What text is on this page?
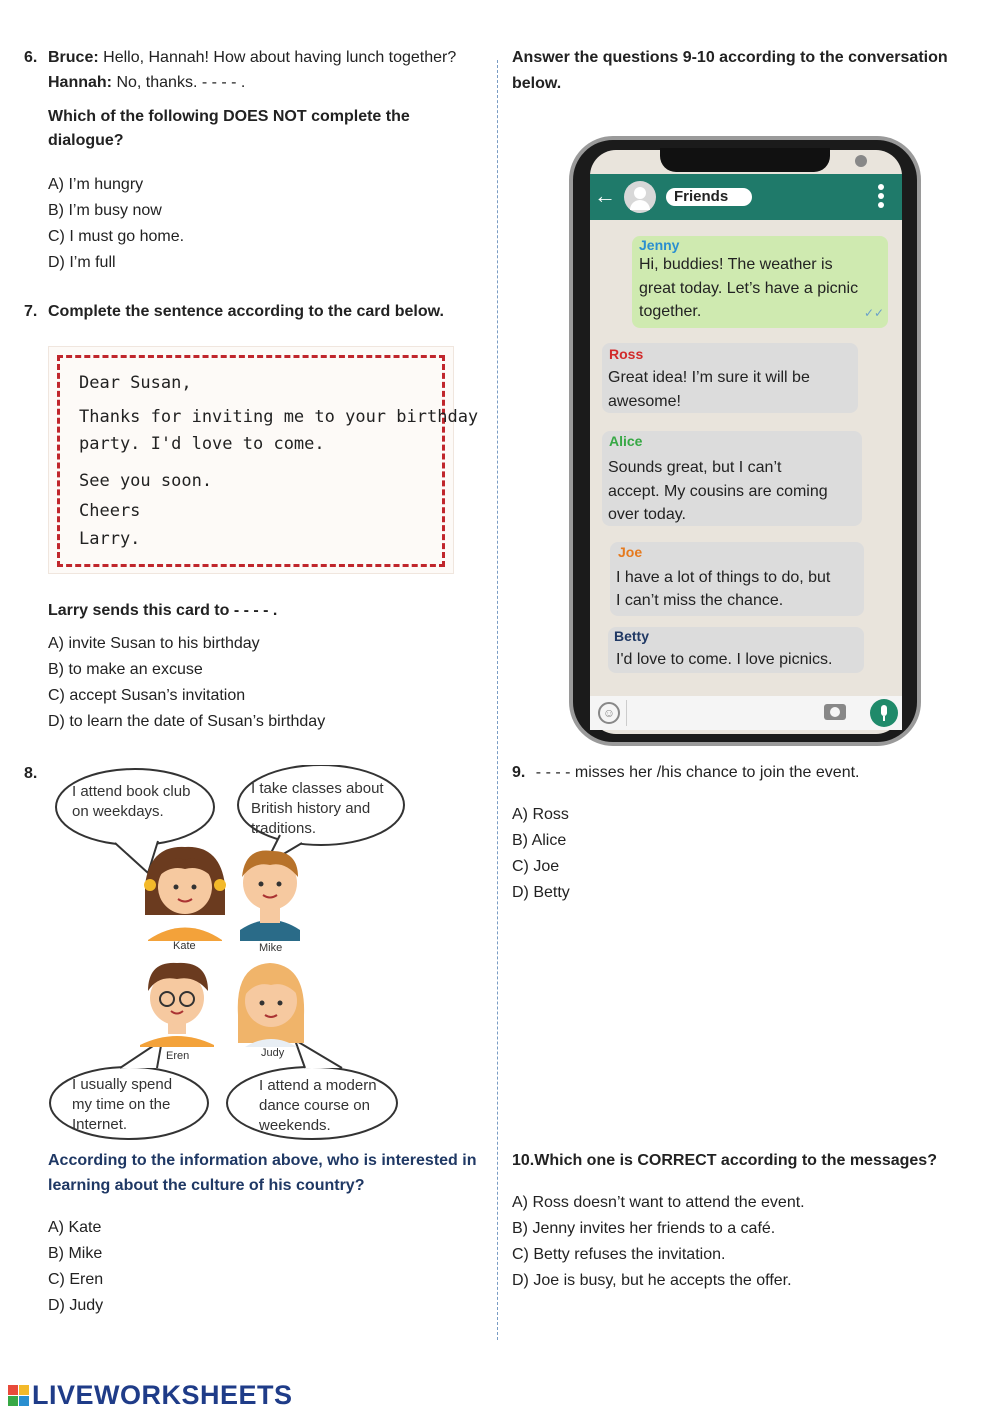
6. Bruce: Hello, Hannah! How about having lunch together?
Hannah: No, thanks. - - - - .
Which of the following DOES NOT complete the
dialogue?
A) I’m hungry
B) I’m busy now
C) I must go home.
D) I’m full
7. Complete the sentence according to the card below.
Dear Susan,
Thanks for inviting me to your birthday
party. I'd love to come.
See you soon.
Cheers
Larry.
Larry sends this card to - - - - .
A) invite Susan to his birthday
B) to make an excuse
C) accept Susan’s invitation
D) to learn the date of Susan’s birthday
8.
I attend book club
on weekdays.
I take classes about
British history and
traditions.
Kate	Mike
Eren	Judy
I usually spend
my time on the
Internet.
I attend a modern
dance course on
weekends.
According to the information above, who is interested in
learning about the culture of his country?
A) Kate
B) Mike
C) Eren
D) Judy
Answer the questions 9-10 according to the conversation
below.
←	Friends
Jenny
Hi, buddies! The weather is
great today. Let’s have a picnic
together.	✓✓
Ross
Great idea! I’m sure it will be
awesome!
Alice
Sounds great, but I can’t
accept. My cousins are coming
over today.
Joe
I have a lot of things to do, but
I can’t miss the chance.
Betty
I'd love to come. I love picnics.
☺
9. - - - - misses her /his chance to join the event.
A) Ross
B) Alice
C) Joe
D) Betty
10.Which one is CORRECT according to the messages?
A) Ross doesn’t want to attend the event.
B) Jenny invites her friends to a café.
C) Betty refuses the invitation.
D) Joe is busy, but he accepts the offer.
LIVEWORKSHEETS
